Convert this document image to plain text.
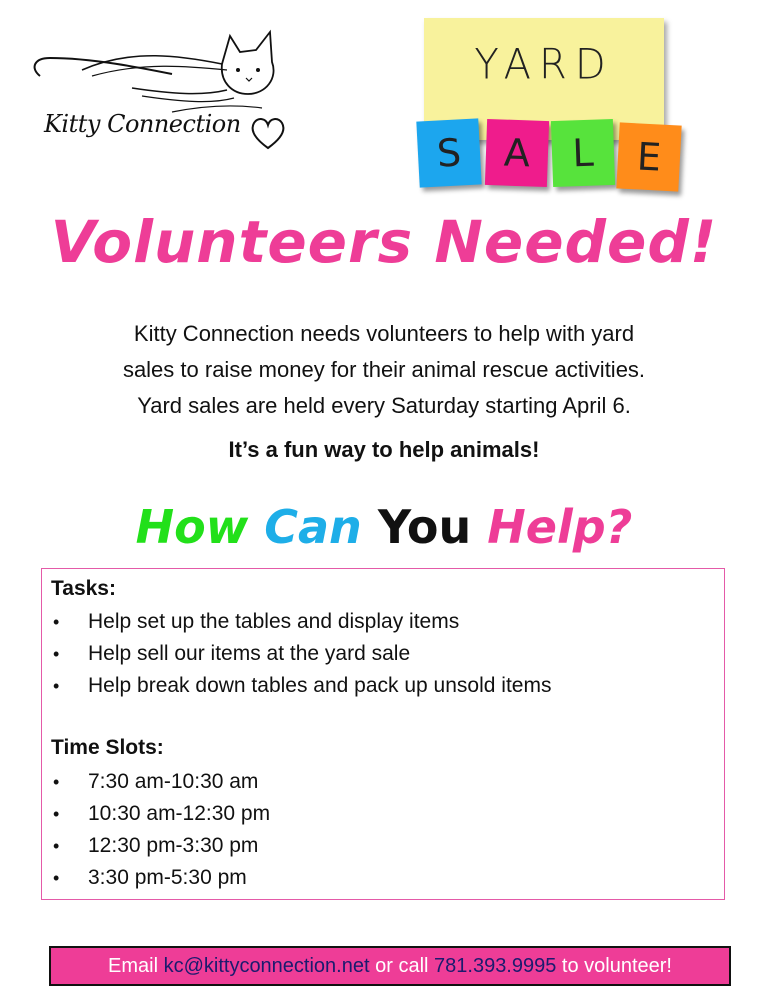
Kitty Connection
YARD
S	A	L	E
Volunteers Needed!
Kitty Connection needs volunteers to help with yard
sales to raise money for their animal rescue activities.
Yard sales are held every Saturday starting April 6.
It’s a fun way to help animals!
How Can You Help?
Tasks:
• Help set up the tables and display items
• Help sell our items at the yard sale
• Help break down tables and pack up unsold items
Time Slots:
• 7:30 am-10:30 am
• 10:30 am-12:30 pm
• 12:30 pm-3:30 pm
• 3:30 pm-5:30 pm
Email kc@kittyconnection.net or call 781.393.9995 to volunteer!
